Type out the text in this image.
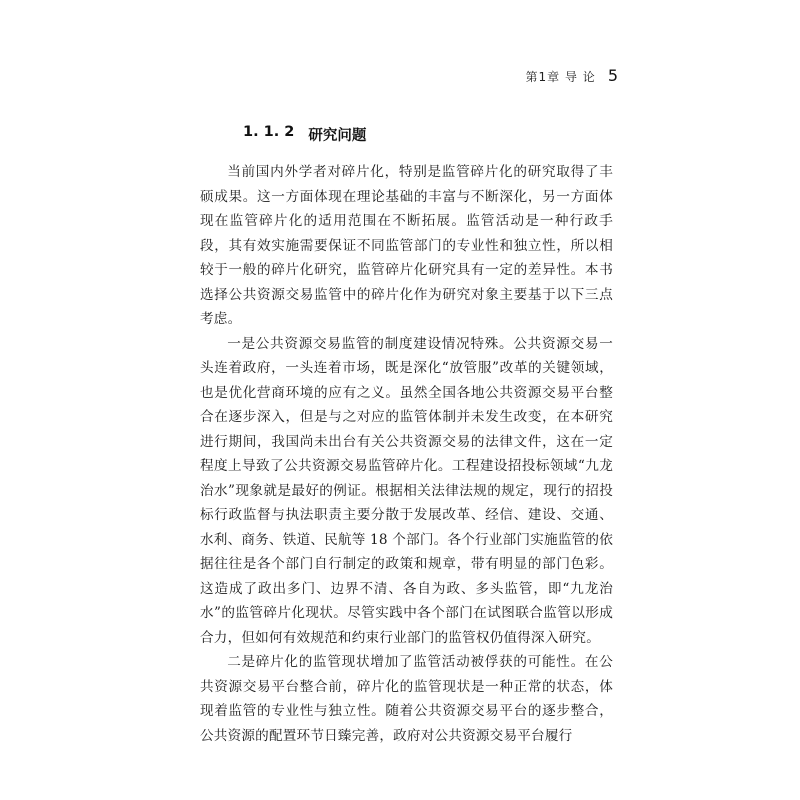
第1章 导 论 5
1. 1. 2 研究问题

当前国内外学者对碎片化，特别是监管碎片化的研究取得了丰硕成果。这一方面体现在理论基础的丰富与不断深化，另一方面体现在监管碎片化的适用范围在不断拓展。监管活动是一种行政手段，其有效实施需要保证不同监管部门的专业性和独立性，所以相较于一般的碎片化研究，监管碎片化研究具有一定的差异性。本书选择公共资源交易监管中的碎片化作为研究对象主要基于以下三点考虑。

一是公共资源交易监管的制度建设情况特殊。公共资源交易一头连着政府，一头连着市场，既是深化“放管服”改革的关键领域，也是优化营商环境的应有之义。虽然全国各地公共资源交易平台整合在逐步深入，但是与之对应的监管体制并未发生改变，在本研究进行期间，我国尚未出台有关公共资源交易的法律文件，这在一定程度上导致了公共资源交易监管碎片化。工程建设招投标领域“九龙治水”现象就是最好的例证。根据相关法律法规的规定，现行的招投标行政监督与执法职责主要分散于发展改革、经信、建设、交通、水利、商务、铁道、民航等 18 个部门。各个行业部门实施监管的依据往往是各个部门自行制定的政策和规章，带有明显的部门色彩。这造成了政出多门、边界不清、各自为政、多头监管，即“九龙治水”的监管碎片化现状。尽管实践中各个部门在试图联合监管以形成合力，但如何有效规范和约束行业部门的监管权仍值得深入研究。

二是碎片化的监管现状增加了监管活动被俘获的可能性。在公共资源交易平台整合前，碎片化的监管现状是一种正常的状态，体现着监管的专业性与独立性。随着公共资源交易平台的逐步整合，公共资源的配置环节日臻完善，政府对公共资源交易平台履行
